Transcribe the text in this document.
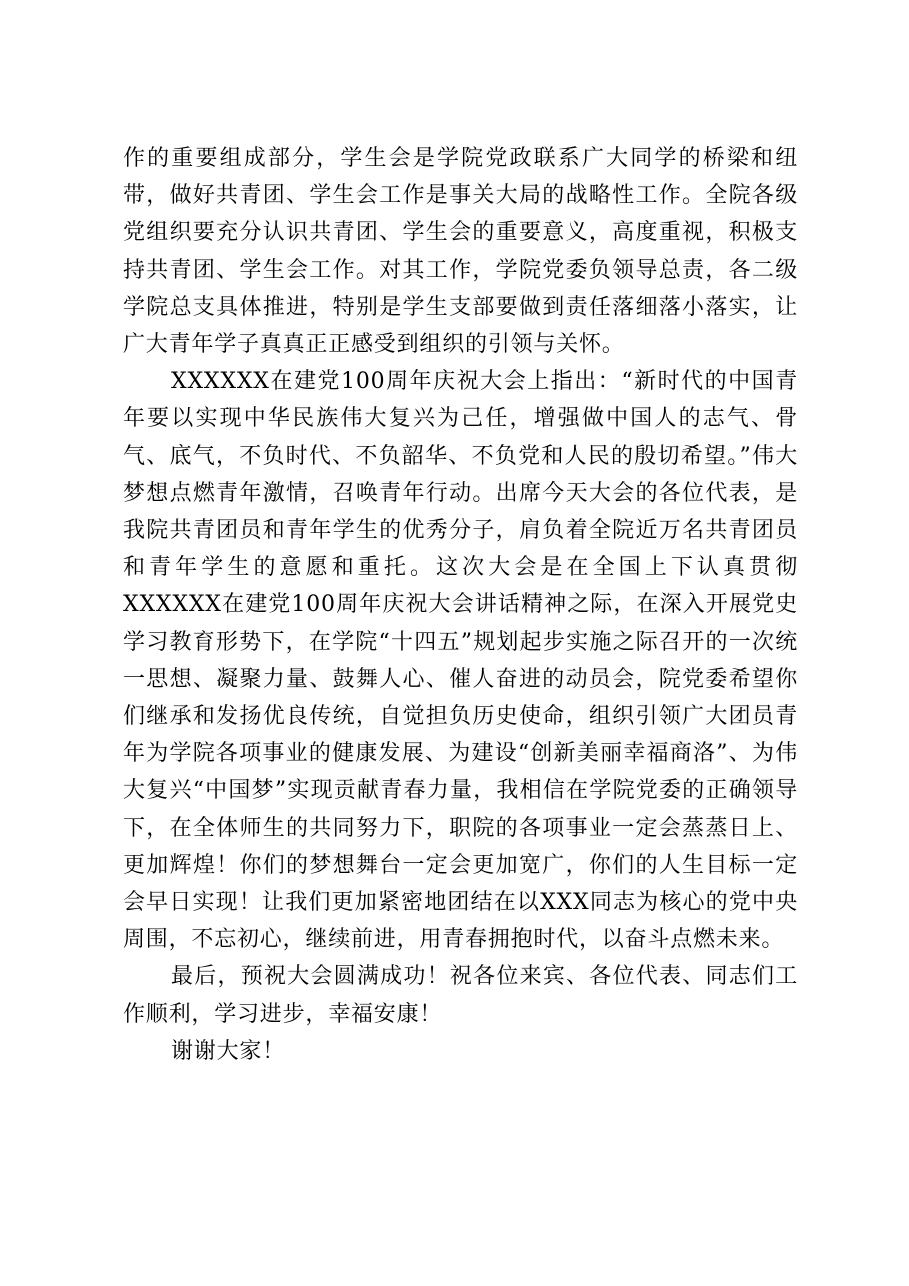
作的重要组成部分，学生会是学院党政联系广大同学的桥梁和纽带，做好共青团、学生会工作是事关大局的战略性工作。全院各级党组织要充分认识共青团、学生会的重要意义，高度重视，积极支持共青团、学生会工作。对其工作，学院党委负领导总责，各二级学院总支具体推进，特别是学生支部要做到责任落细落小落实，让广大青年学子真真正正感受到组织的引领与关怀。

XXXXXX在建党100周年庆祝大会上指出：“新时代的中国青年要以实现中华民族伟大复兴为己任，增强做中国人的志气、骨气、底气，不负时代、不负韶华、不负党和人民的殷切希望。”伟大梦想点燃青年激情，召唤青年行动。出席今天大会的各位代表，是我院共青团员和青年学生的优秀分子，肩负着全院近万名共青团员和青年学生的意愿和重托。这次大会是在全国上下认真贯彻XXXXXX在建党100周年庆祝大会讲话精神之际，在深入开展党史学习教育形势下，在学院“十四五”规划起步实施之际召开的一次统一思想、凝聚力量、鼓舞人心、催人奋进的动员会，院党委希望你们继承和发扬优良传统，自觉担负历史使命，组织引领广大团员青年为学院各项事业的健康发展、为建设“创新美丽幸福商洛”、为伟大复兴“中国梦”实现贡献青春力量，我相信在学院党委的正确领导下，在全体师生的共同努力下，职院的各项事业一定会蒸蒸日上、更加辉煌！你们的梦想舞台一定会更加宽广，你们的人生目标一定会早日实现！让我们更加紧密地团结在以XXX同志为核心的党中央周围，不忘初心，继续前进，用青春拥抱时代，以奋斗点燃未来。

最后，预祝大会圆满成功！祝各位来宾、各位代表、同志们工作顺利，学习进步，幸福安康！

谢谢大家！
